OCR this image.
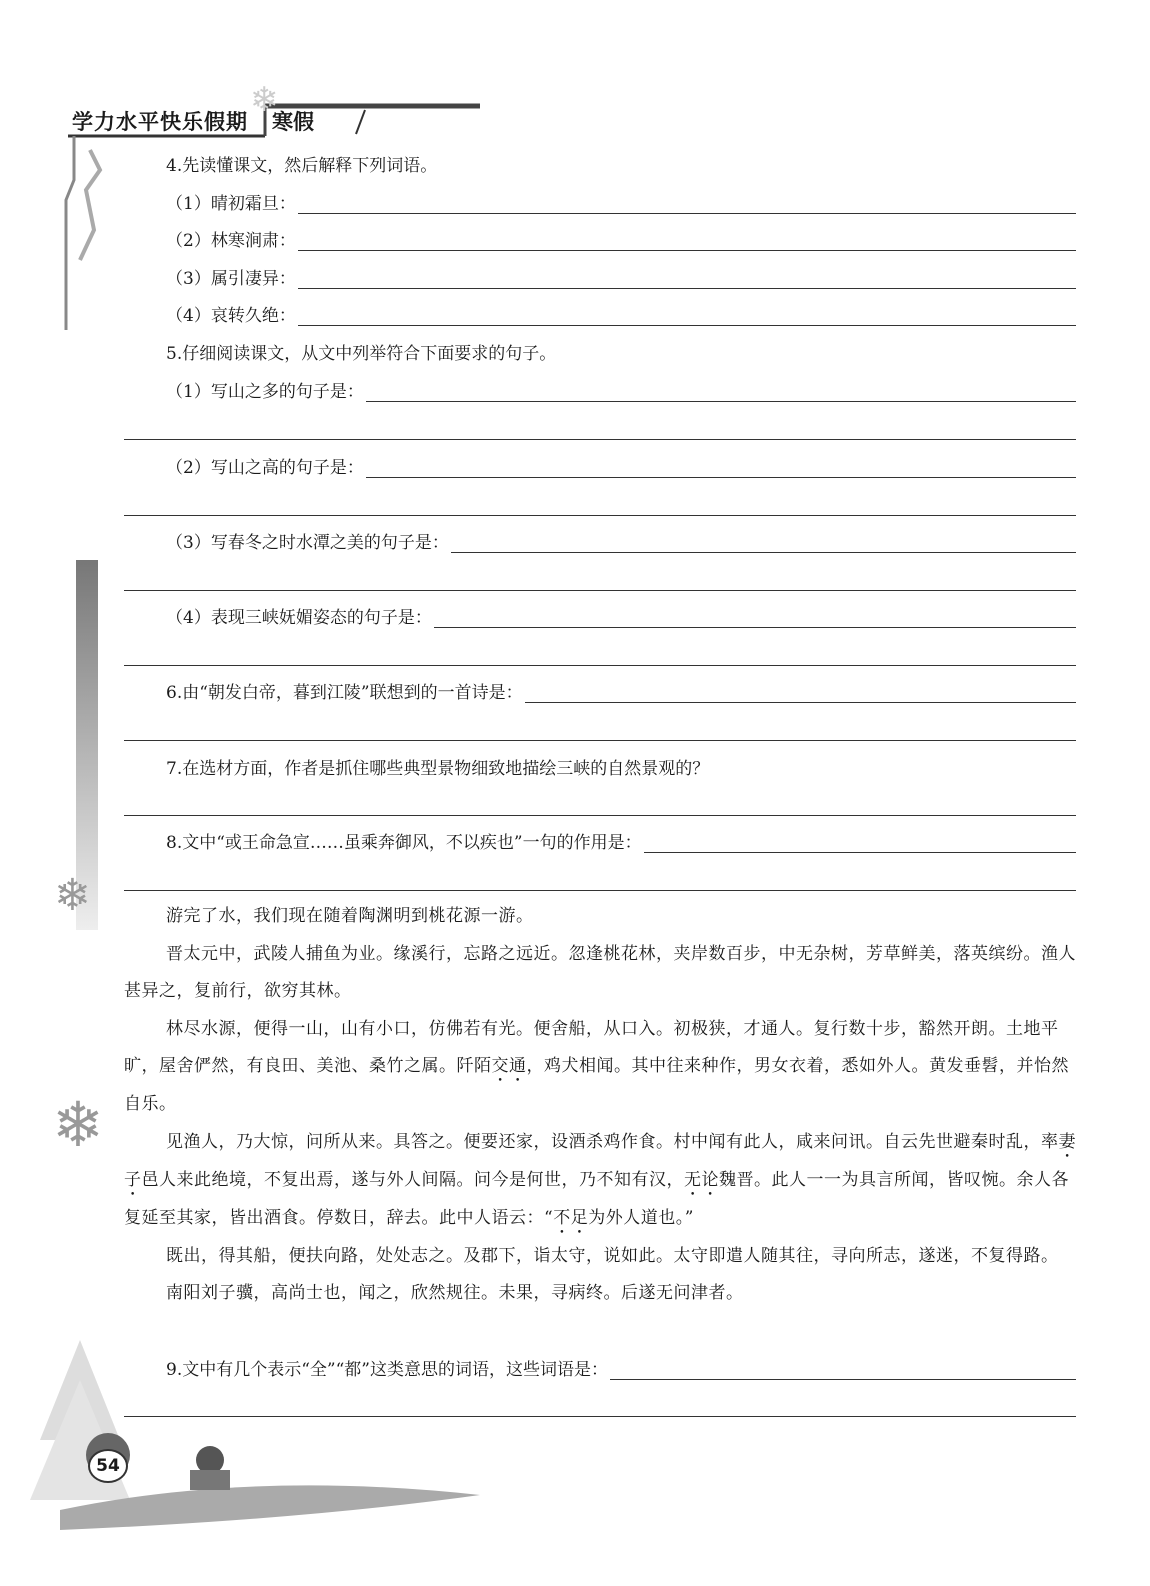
❄
学力水平快乐假期 寒假
❄
❄
4.先读懂课文，然后解释下列词语。
（1）晴初霜旦：
（2）林寒涧肃：
（3）属引凄异：
（4）哀转久绝：
5.仔细阅读课文，从文中列举符合下面要求的句子。
（1）写山之多的句子是：
（2）写山之高的句子是：
（3）写春冬之时水潭之美的句子是：
（4）表现三峡妩媚姿态的句子是：
6.由“朝发白帝，暮到江陵”联想到的一首诗是：
7.在选材方面，作者是抓住哪些典型景物细致地描绘三峡的自然景观的？
8.文中“或王命急宣……虽乘奔御风，不以疾也”一句的作用是：

游完了水，我们现在随着陶渊明到桃花源一游。

晋太元中，武陵人捕鱼为业。缘溪行，忘路之远近。忽逢桃花林，夹岸数百步，中无杂树，芳草鲜美，落英缤纷。渔人甚异之，复前行，欲穷其林。

林尽水源，便得一山，山有小口，仿佛若有光。便舍船，从口入。初极狭，才通人。复行数十步，豁然开朗。土地平旷，屋舍俨然，有良田、美池、桑竹之属。阡陌交通，鸡犬相闻。其中往来种作，男女衣着，悉如外人。黄发垂髫，并怡然自乐。

见渔人，乃大惊，问所从来。具答之。便要还家，设酒杀鸡作食。村中闻有此人，咸来问讯。自云先世避秦时乱，率妻子邑人来此绝境，不复出焉，遂与外人间隔。问今是何世，乃不知有汉，无论魏晋。此人一一为具言所闻，皆叹惋。余人各复延至其家，皆出酒食。停数日，辞去。此中人语云：“不足为外人道也。”

既出，得其船，便扶向路，处处志之。及郡下，诣太守，说如此。太守即遣人随其往，寻向所志，遂迷，不复得路。

南阳刘子骥，高尚士也，闻之，欣然规往。未果，寻病终。后遂无问津者。

9.文中有几个表示“全”“都”这类意思的词语，这些词语是：
54
